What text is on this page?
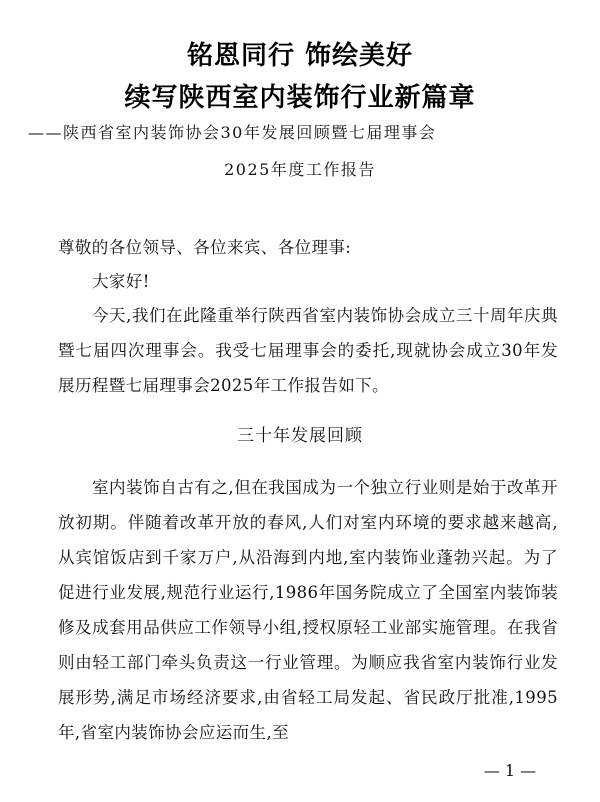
铭恩同行 饰绘美好
续写陕西室内装饰行业新篇章
——陕西省室内装饰协会30年发展回顾暨七届理事会
2025年度工作报告
尊敬的各位领导、各位来宾、各位理事:
大家好!
今天,我们在此隆重举行陕西省室内装饰协会成立三十周年庆典暨七届四次理事会。我受七届理事会的委托,现就协会成立30年发展历程暨七届理事会2025年工作报告如下。
三十年发展回顾
室内装饰自古有之,但在我国成为一个独立行业则是始于改革开放初期。伴随着改革开放的春风,人们对室内环境的要求越来越高,从宾馆饭店到千家万户,从沿海到内地,室内装饰业蓬勃兴起。为了促进行业发展,规范行业运行,1986年国务院成立了全国室内装饰装修及成套用品供应工作领导小组,授权原轻工业部实施管理。在我省则由轻工部门牵头负责这一行业管理。为顺应我省室内装饰行业发展形势,满足市场经济要求,由省轻工局发起、省民政厅批准,1995年,省室内装饰协会应运而生,至
— 1 —
